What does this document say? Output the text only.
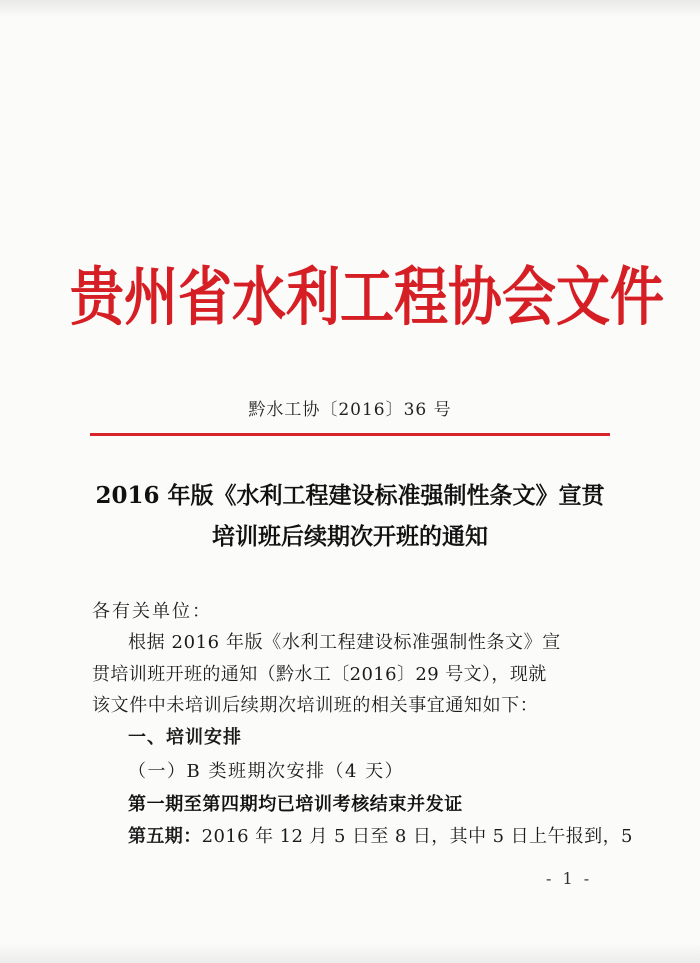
贵州省水利工程协会文件
黔水工协〔2016〕36 号
2016 年版《水利工程建设标准强制性条文》宣贯
培训班后续期次开班的通知
各有关单位：
根据 2016 年版《水利工程建设标准强制性条文》宣
贯培训班开班的通知（黔水工〔2016〕29 号文），现就
该文件中未培训后续期次培训班的相关事宜通知如下：
一、培训安排
（一）B 类班期次安排（4 天）
第一期至第四期均已培训考核结束并发证
第五期：2016 年 12 月 5 日至 8 日，其中 5 日上午报到，5
- 1 -
